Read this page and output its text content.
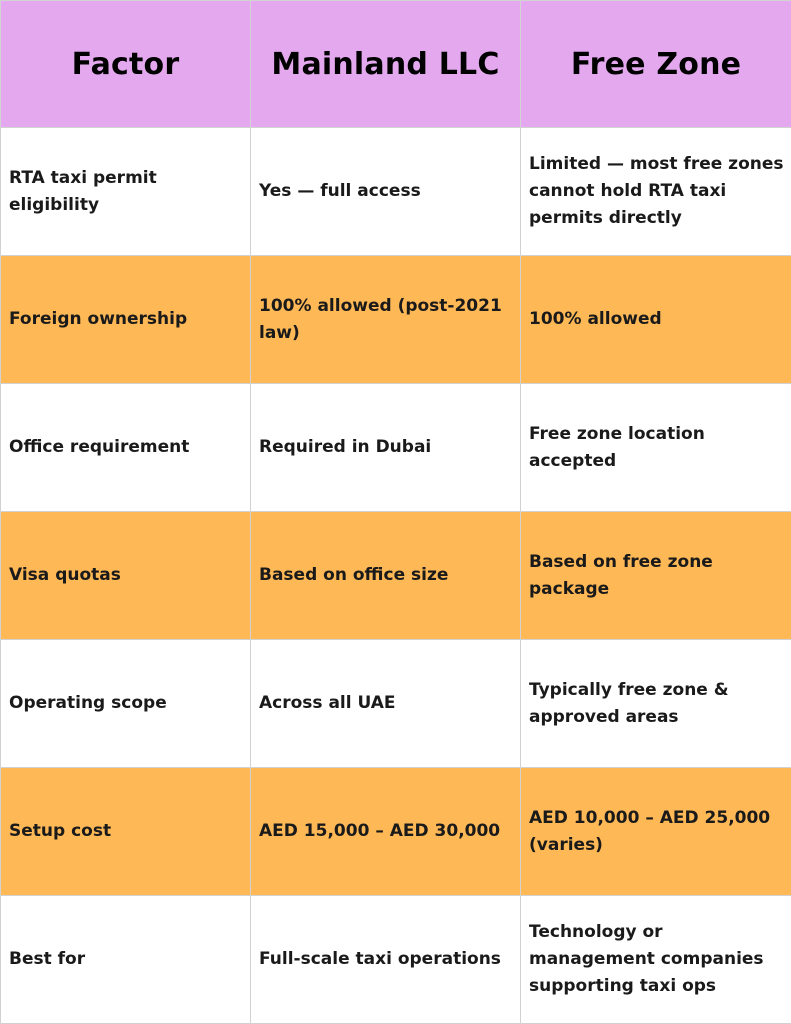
Factor	Mainland LLC	Free Zone
RTA taxi permit eligibility	Yes — full access	Limited — most free zones cannot hold RTA taxi permits directly
Foreign ownership	100% allowed (post-2021 law)	100% allowed
Office requirement	Required in Dubai	Free zone location accepted
Visa quotas	Based on office size	Based on free zone package
Operating scope	Across all UAE	Typically free zone & approved areas
Setup cost	AED 15,000 – AED 30,000	AED 10,000 – AED 25,000 (varies)
Best for	Full-scale taxi operations	Technology or management companies supporting taxi ops
